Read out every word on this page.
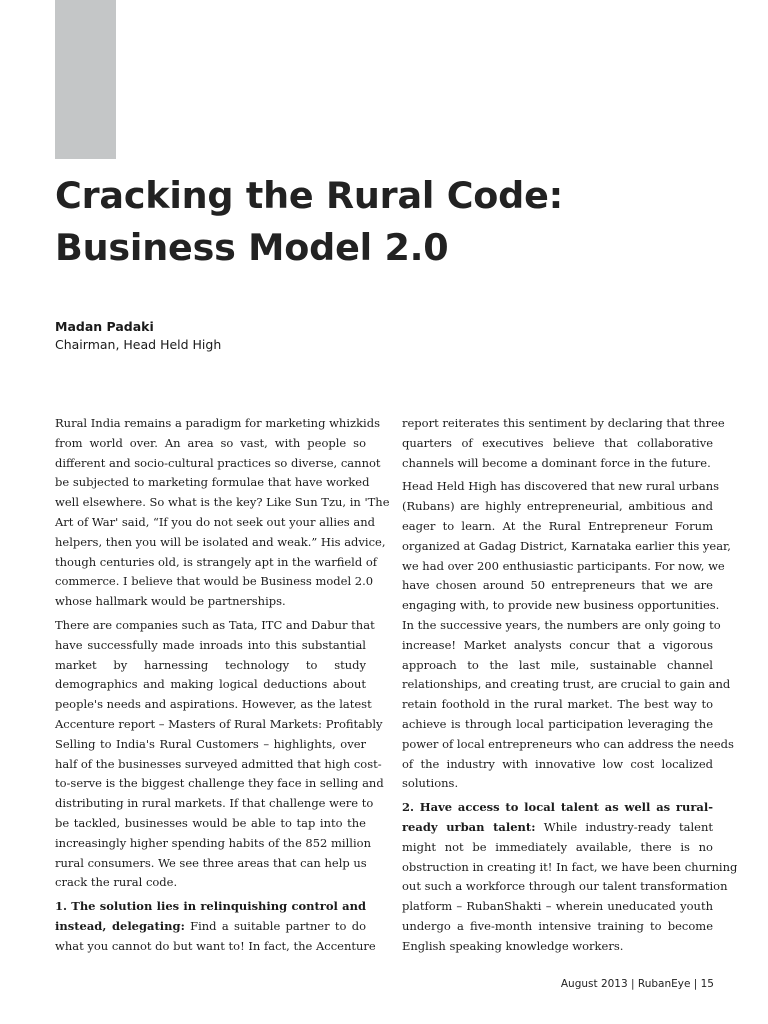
Cracking the Rural Code:
Business Model 2.0
Madan Padaki
Chairman, Head Held High

Rural India remains a paradigm for marketing whizkids
from world over. An area so vast, with people so
different and socio-cultural practices so diverse, cannot
be subjected to marketing formulae that have worked
well elsewhere. So what is the key? Like Sun Tzu, in 'The
Art of War' said, “If you do not seek out your allies and
helpers, then you will be isolated and weak.” His advice,
though centuries old, is strangely apt in the warfield of
commerce. I believe that would be Business model 2.0
whose hallmark would be partnerships.

There are companies such as Tata, ITC and Dabur that
have successfully made inroads into this substantial
market by harnessing technology to study
demographics and making logical deductions about
people's needs and aspirations. However, as the latest
Accenture report – Masters of Rural Markets: Profitably
Selling to India's Rural Customers – highlights, over
half of the businesses surveyed admitted that high cost-
to-serve is the biggest challenge they face in selling and
distributing in rural markets. If that challenge were to
be tackled, businesses would be able to tap into the
increasingly higher spending habits of the 852 million
rural consumers. We see three areas that can help us
crack the rural code.

1. The solution lies in relinquishing control and
instead, delegating: Find a suitable partner to do
what you cannot do but want to! In fact, the Accenture

report reiterates this sentiment by declaring that three
quarters of executives believe that collaborative
channels will become a dominant force in the future.

Head Held High has discovered that new rural urbans
(Rubans) are highly entrepreneurial, ambitious and
eager to learn. At the Rural Entrepreneur Forum
organized at Gadag District, Karnataka earlier this year,
we had over 200 enthusiastic participants. For now, we
have chosen around 50 entrepreneurs that we are
engaging with, to provide new business opportunities.
In the successive years, the numbers are only going to
increase! Market analysts concur that a vigorous
approach to the last mile, sustainable channel
relationships, and creating trust, are crucial to gain and
retain foothold in the rural market. The best way to
achieve is through local participation leveraging the
power of local entrepreneurs who can address the needs
of the industry with innovative low cost localized
solutions.

2. Have access to local talent as well as rural-
ready urban talent: While industry-ready talent
might not be immediately available, there is no
obstruction in creating it! In fact, we have been churning
out such a workforce through our talent transformation
platform – RubanShakti – wherein uneducated youth
undergo a five-month intensive training to become
English speaking knowledge workers.

August 2013 | RubanEye | 15
